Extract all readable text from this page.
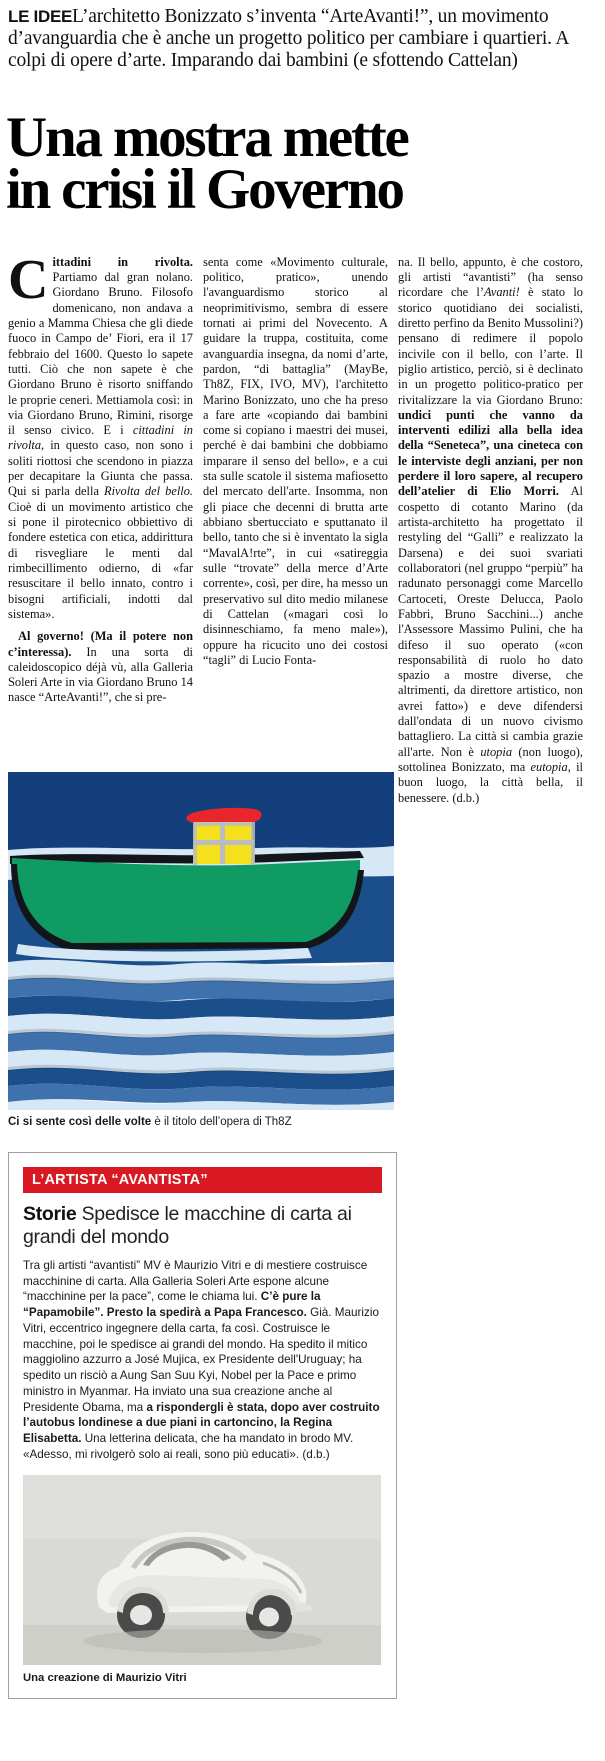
LE IDEEL’architetto Bonizzato s’inventa “ArteAvanti!”, un movimento d’avanguardia che è anche un progetto politico per cambiare i quartieri. A colpi di opere d’arte. Imparando dai bambini (e sfottendo Cattelan)
Una mostra mette
in crisi il Governo

Cittadini in rivolta. Partiamo dal gran nolano. Giordano Bruno. Filosofo domenicano, non andava a genio a Mamma Chiesa che gli diede fuoco in Campo de’ Fiori, era il 17 febbraio del 1600. Questo lo sapete tutti. Ciò che non sapete è che Giordano Bruno è risorto sniffando le proprie ceneri. Mettiamola così: in via Giordano Bruno, Rimini, risorge il senso civico. E i cittadini in rivolta, in questo caso, non sono i soliti riottosi che scendono in piazza per decapitare la Giunta che passa. Qui si parla della Rivolta del bello. Cioè di un movimento artistico che si pone il pirotecnico obbiettivo di fondere estetica con etica, addirittura di risvegliare le menti dal rimbecillimento odierno, di «far resuscitare il bello innato, contro i bisogni artificiali, indotti dal sistema».

Al governo! (Ma il potere non c’interessa). In una sorta di caleidoscopico déjà vù, alla Galleria Soleri Arte in via Giordano Bruno 14 nasce “ArteAvanti!”, che si pre-

senta come «Movimento culturale, politico, pratico», unendo l'avanguardismo storico al neoprimitivismo, sembra di essere tornati ai primi del Novecento. A guidare la truppa, costituita, come avanguardia insegna, da nomi d’arte, pardon, “di battaglia” (MayBe, Th8Z, FIX, IVO, MV), l'architetto Marino Bonizzato, uno che ha preso a fare arte «copiando dai bambini come si copiano i maestri dei musei, perché è dai bambini che dobbiamo imparare il senso del bello», e a cui sta sulle scatole il sistema mafiosetto del mercato dell'arte. Insomma, non gli piace che decenni di brutta arte abbiano sbertucciato e sputtanato il bello, tanto che si è inventato la sigla “MavalA!rte”, in cui «satireggia sulle “trovate” della merce d’Arte corrente», così, per dire, ha messo un preservativo sul dito medio milanese di Cattelan («magari così lo disinneschiamo, fa meno male»), oppure ha ricucito uno dei costosi “tagli” di Lucio Fonta-

na. Il bello, appunto, è che costoro, gli artisti “avantisti” (ha senso ricordare che l’Avanti! è stato lo storico quotidiano dei socialisti, diretto perfino da Benito Mussolini?) pensano di redimere il popolo incivile con il bello, con l’arte. Il piglio artistico, perciò, si è declinato in un progetto politico-pratico per rivitalizzare la via Giordano Bruno: undici punti che vanno da interventi edilizi alla bella idea della “Seneteca”, una cineteca con le interviste degli anziani, per non perdere il loro sapere, al recupero dell’atelier di Elio Morri. Al cospetto di cotanto Marino (da artista-architetto ha progettato il restyling del “Galli” e realizzato la Darsena) e dei suoi svariati collaboratori (nel gruppo “perpiù” ha radunato personaggi come Marcello Cartoceti, Oreste Delucca, Paolo Fabbri, Bruno Sacchini...) anche l'Assessore Massimo Pulini, che ha difeso il suo operato («con responsabilità di ruolo ho dato spazio a mostre diverse, che altrimenti, da direttore artistico, non avrei fatto») e deve difendersi dall'ondata di un nuovo civismo battagliero. La città si cambia grazie all'arte. Non è utopia (non luogo), sottolinea Bonizzato, ma eutopia, il buon luogo, la città bella, il benessere. (d.b.)

Ci si sente così delle volte è il titolo dell’opera di Th8Z
L’ARTISTA “AVANTISTA”
Storie Spedisce le macchine di carta ai grandi del mondo

Tra gli artisti “avantisti” MV è Maurizio Vitri e di mestiere costruisce macchinine di carta. Alla Galleria Soleri Arte espone alcune “macchinine per la pace”, come le chiama lui. C’è pure la “Papamobile”. Presto la spedirà a Papa Francesco. Già. Maurizio Vitri, eccentrico ingegnere della carta, fa così. Costruisce le macchine, poi le spedisce ai grandi del mondo. Ha spedito il mitico maggiolino azzurro a José Mujica, ex Presidente dell'Uruguay; ha spedito un risciò a Aung San Suu Kyi, Nobel per la Pace e primo ministro in Myanmar. Ha inviato una sua creazione anche al Presidente Obama, ma a rispondergli è stata, dopo aver costruito l’autobus londinese a due piani in cartoncino, la Regina Elisabetta. Una letterina delicata, che ha mandato in brodo MV. «Adesso, mi rivolgerò solo ai reali, sono più educati». (d.b.)

Una creazione di Maurizio Vitri
